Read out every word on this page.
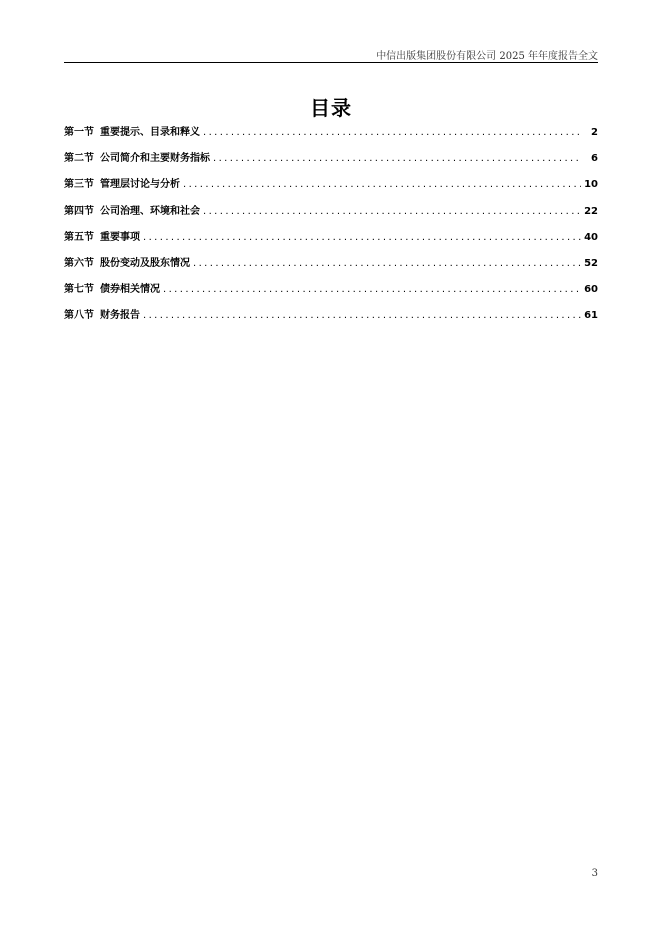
中信出版集团股份有限公司 2025 年年度报告全文
目录
第一节 重要提示、目录和释义 .....	2
第二节 公司简介和主要财务指标 .....	6
第三节 管理层讨论与分析 .....	10
第四节 公司治理、环境和社会 .....	22
第五节 重要事项 .....	40
第六节 股份变动及股东情况 .....	52
第七节 债券相关情况 .....	60
第八节 财务报告 .....	61
3
